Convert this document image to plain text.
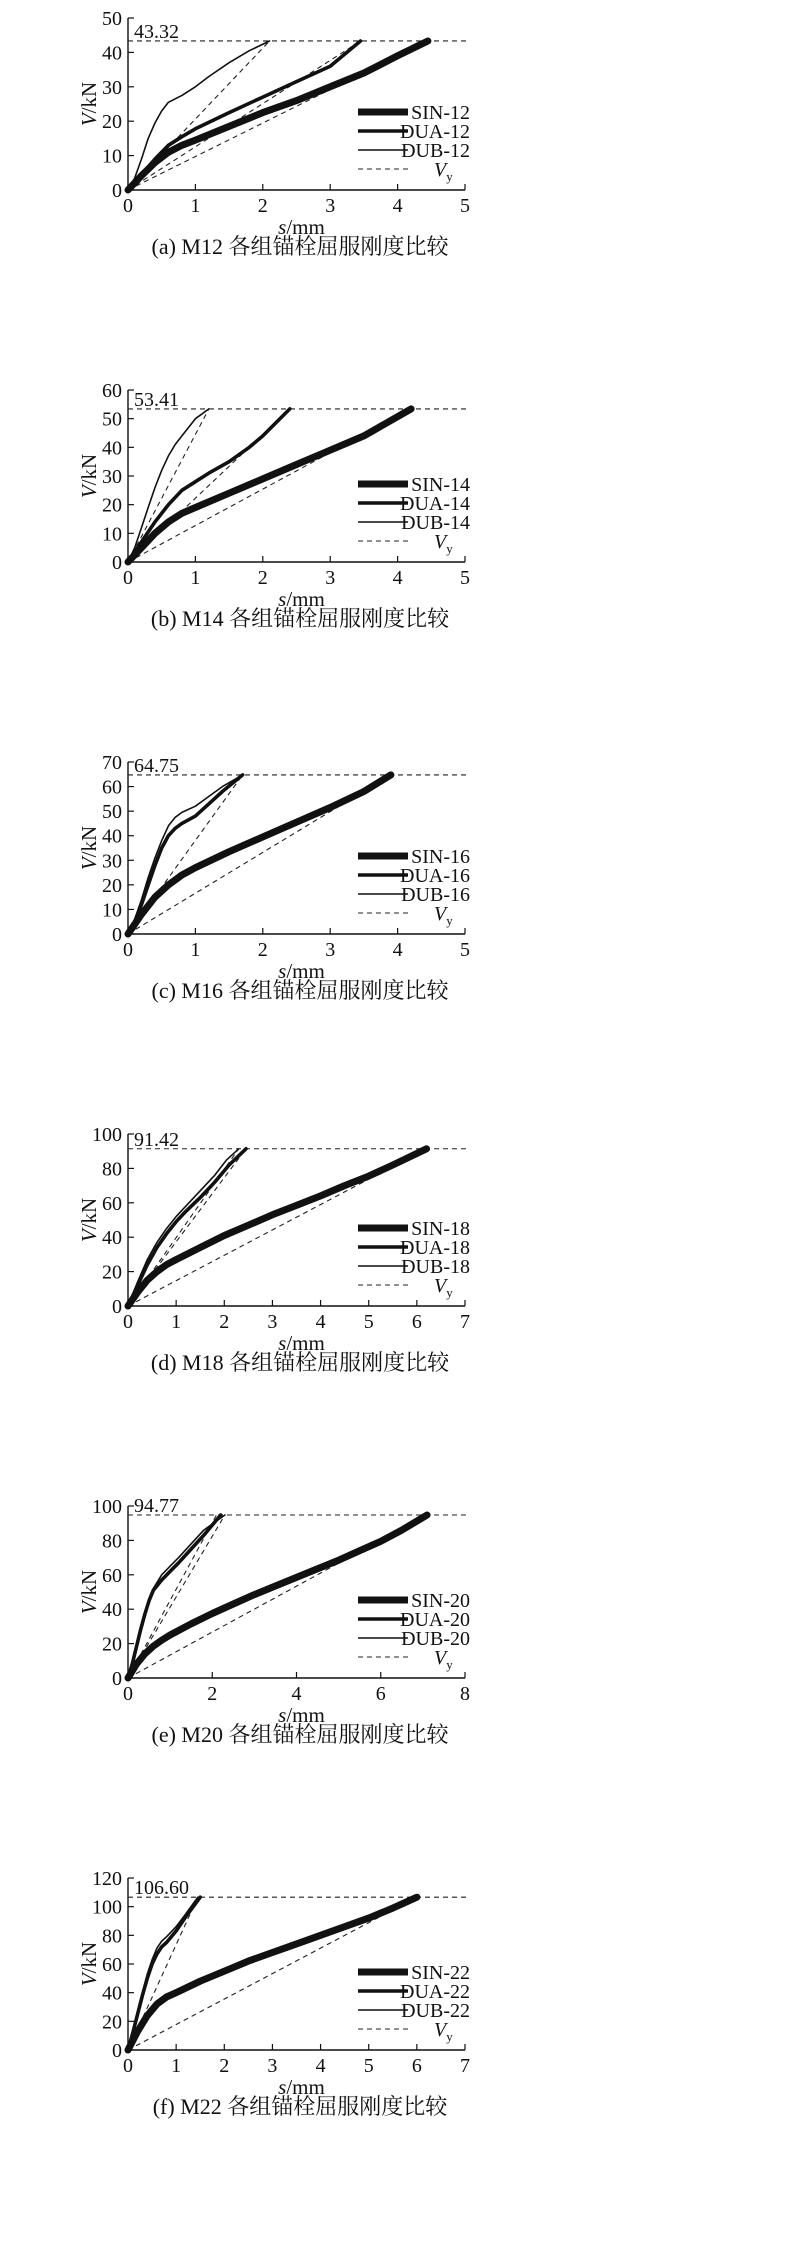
0
10
20
30
40
50
0	1	2	3	4	5
43.32
SIN-12
DUA-12
DUB-12
$V_y$
V/kN
s/mm
(a) M12 各组锚栓屈服刚度比较
0
10
20
30
40
50
60
0	1	2	3	4	5
53.41
SIN-14
DUA-14
DUB-14
$V_y$
V/kN
s/mm
(b) M14 各组锚栓屈服刚度比较
0
10
20
30
40
50
60
70
0	1	2	3	4	5
64.75
SIN-16
DUA-16
DUB-16
$V_y$
V/kN
s/mm
(c) M16 各组锚栓屈服刚度比较
0
20
40
60
80
100
0 1 2 3 4 5 6 7
91.42
SIN-18
DUA-18
DUB-18
$V_y$
V/kN
s/mm
(d) M18 各组锚栓屈服刚度比较
0
20
40
60
80
100
0	2	4	6	8
94.77
SIN-20
DUA-20
DUB-20
$V_y$
V/kN
s/mm
(e) M20 各组锚栓屈服刚度比较
0
20
40
60
80
100
120
0 1 2 3 4 5 6 7
106.60
SIN-22
DUA-22
DUB-22
$V_y$
V/kN
s/mm
(f) M22 各组锚栓屈服刚度比较
